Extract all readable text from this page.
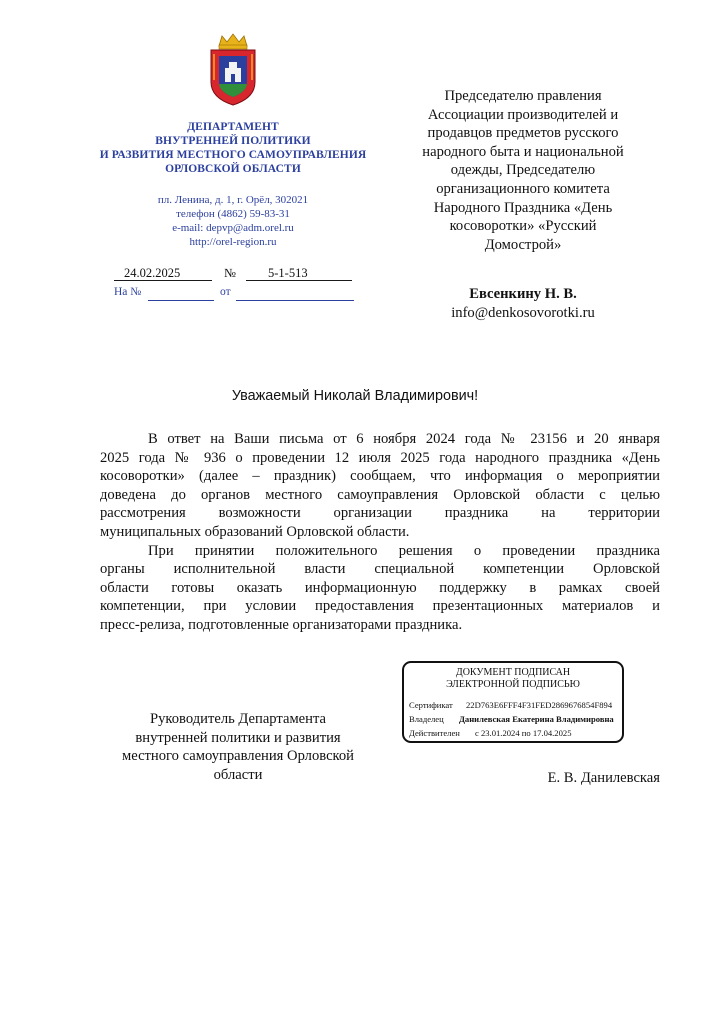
ДЕПАРТАМЕНТ
ВНУТРЕННЕЙ ПОЛИТИКИ
И РАЗВИТИЯ МЕСТНОГО САМОУПРАВЛЕНИЯ
ОРЛОВСКОЙ ОБЛАСТИ
пл. Ленина, д. 1, г. Орёл, 302021
телефон (4862) 59-83-31
e-mail: depvp@adm.orel.ru
http://orel-region.ru
24.02.2025	№	5-1-513
На №	от
Председателю правления
Ассоциации производителей и
продавцов предметов русского
народного быта и национальной
одежды, Председателю
организационного комитета
Народного Праздника «День
косоворотки» «Русский
Домострой»
Евсенкину Н. В.
info@denkosovorotki.ru
Уважаемый Николай Владимирович!
В ответ на Ваши письма от 6 ноября 2024 года № 23156 и 20 января
2025 года № 936 о проведении 12 июля 2025 года народного праздника «День
косоворотки» (далее – праздник) сообщаем, что информация о мероприятии
доведена до органов местного самоуправления Орловской области с целью
рассмотрения возможности организации праздника на территории
муниципальных образований Орловской области.
При принятии положительного решения о проведении праздника
органы исполнительной власти специальной компетенции Орловской
области готовы оказать информационную поддержку в рамках своей
компетенции, при условии предоставления презентационных материалов и
пресс-релиза, подготовленные организаторами праздника.
Руководитель Департамента
внутренней политики и развития
местного самоуправления Орловской
области
ДОКУМЕНТ ПОДПИСАН
ЭЛЕКТРОННОЙ ПОДПИСЬЮ
Сертификат 22D763E6FFF4F31FED2869676854F894
Владелец Данилевская Екатерина Владимировна
Действителен с 23.01.2024 по 17.04.2025
Е. В. Данилевская
